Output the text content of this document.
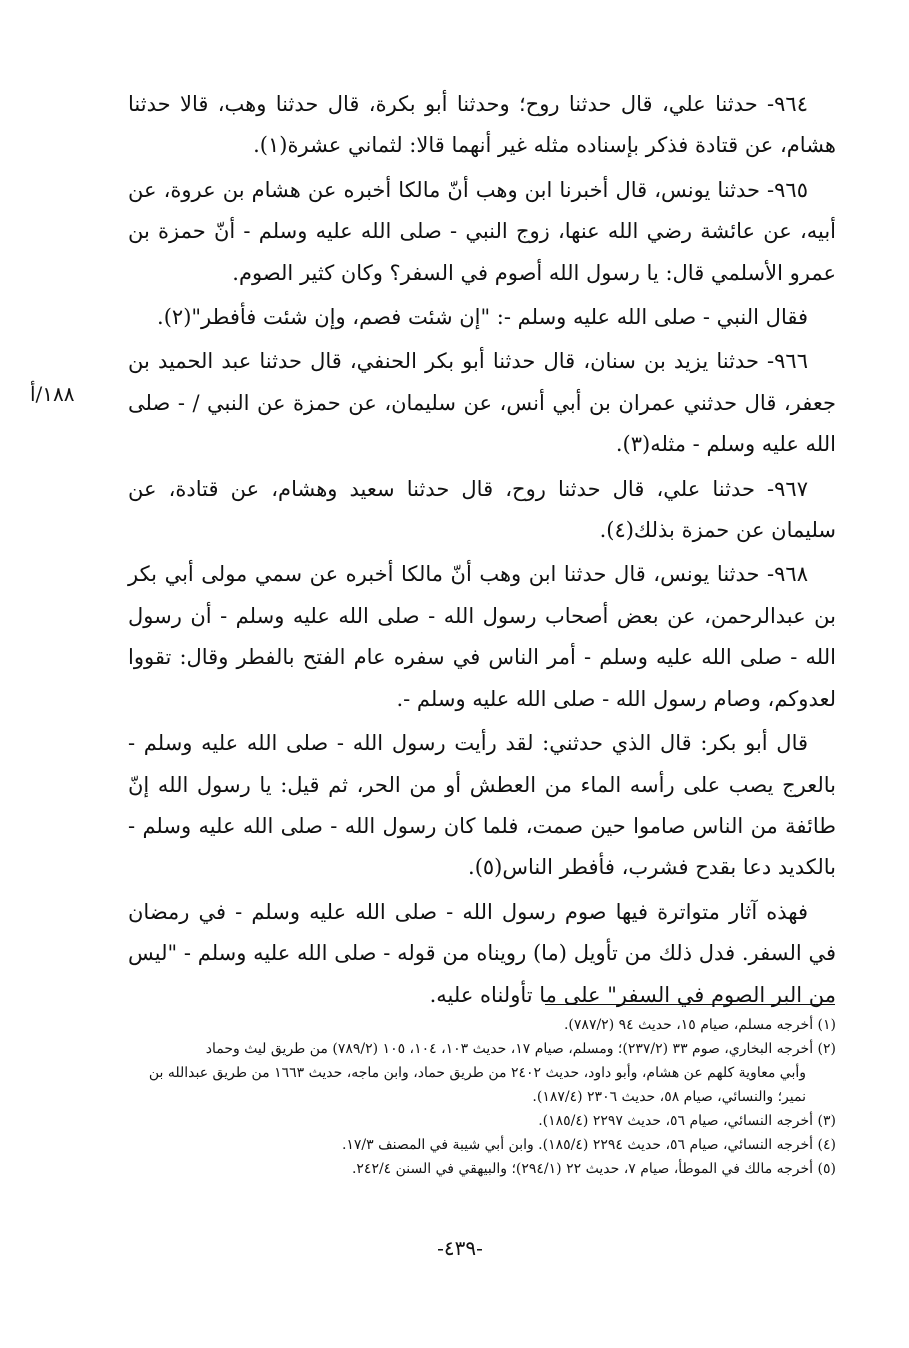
٩٦٤- حدثنا علي، قال حدثنا روح؛ وحدثنا أبو بكرة، قال حدثنا وهب، قالا حدثنا هشام، عن قتادة فذكر بإسناده مثله غير أنهما قالا: لثماني عشرة(١).

٩٦٥- حدثنا يونس، قال أخبرنا ابن وهب أنّ مالكا أخبره عن هشام بن عروة، عن أبيه، عن عائشة رضي الله عنها، زوج النبي - صلى الله عليه وسلم - أنّ حمزة بن عمرو الأسلمي قال: يا رسول الله أصوم في السفر؟ وكان كثير الصوم.

فقال النبي - صلى الله عليه وسلم -: "إن شئت فصم، وإن شئت فأفطر"(٢).

٩٦٦- حدثنا يزيد بن سنان، قال حدثنا أبو بكر الحنفي، قال حدثنا عبد الحميد بن جعفر، قال حدثني عمران بن أبي أنس، عن سليمان، عن حمزة عن النبي / - صلى الله عليه وسلم - مثله(٣).

٩٦٧- حدثنا علي، قال حدثنا روح، قال حدثنا سعيد وهشام، عن قتادة، عن سليمان عن حمزة بذلك(٤).

٩٦٨- حدثنا يونس، قال حدثنا ابن وهب أنّ مالكا أخبره عن سمي مولى أبي بكر بن عبدالرحمن، عن بعض أصحاب رسول الله - صلى الله عليه وسلم - أن رسول الله - صلى الله عليه وسلم - أمر الناس في سفره عام الفتح بالفطر وقال: تقووا لعدوكم، وصام رسول الله - صلى الله عليه وسلم -.

قال أبو بكر: قال الذي حدثني: لقد رأيت رسول الله - صلى الله عليه وسلم - بالعرج يصب على رأسه الماء من العطش أو من الحر، ثم قيل: يا رسول الله إنّ طائفة من الناس صاموا حين صمت، فلما كان رسول الله - صلى الله عليه وسلم - بالكديد دعا بقدح فشرب، فأفطر الناس(٥).

فهذه آثار متواترة فيها صوم رسول الله - صلى الله عليه وسلم - في رمضان في السفر. فدل ذلك من تأويل (ما) رويناه من قوله - صلى الله عليه وسلم - "ليس من البر الصوم في السفر" على ما تأولناه عليه.

١٨٨/أ

(١) أخرجه مسلم، صيام ١٥، حديث ٩٤ (٧٨٧/٢).

(٢) أخرجه البخاري، صوم ٣٣ (٢٣٧/٢)؛ ومسلم، صيام ١٧، حديث ١٠٣، ١٠٤، ١٠٥ (٧٨٩/٢) من طريق ليث وحماد

وأبي معاوية كلهم عن هشام، وأبو داود، حديث ٢٤٠٢ من طريق حماد، وابن ماجه، حديث ١٦٦٣ من طريق عبدالله بن

نمير؛ والنسائي، صيام ٥٨، حديث ٢٣٠٦ (١٨٧/٤).

(٣) أخرجه النسائي، صيام ٥٦، حديث ٢٢٩٧ (١٨٥/٤).

(٤) أخرجه النسائي، صيام ٥٦، حديث ٢٢٩٤ (١٨٥/٤). وابن أبي شيبة في المصنف ١٧/٣.

(٥) أخرجه مالك في الموطأ، صيام ٧، حديث ٢٢ (٢٩٤/١)؛ والبيهقي في السنن ٢٤٢/٤.

-٤٣٩-
